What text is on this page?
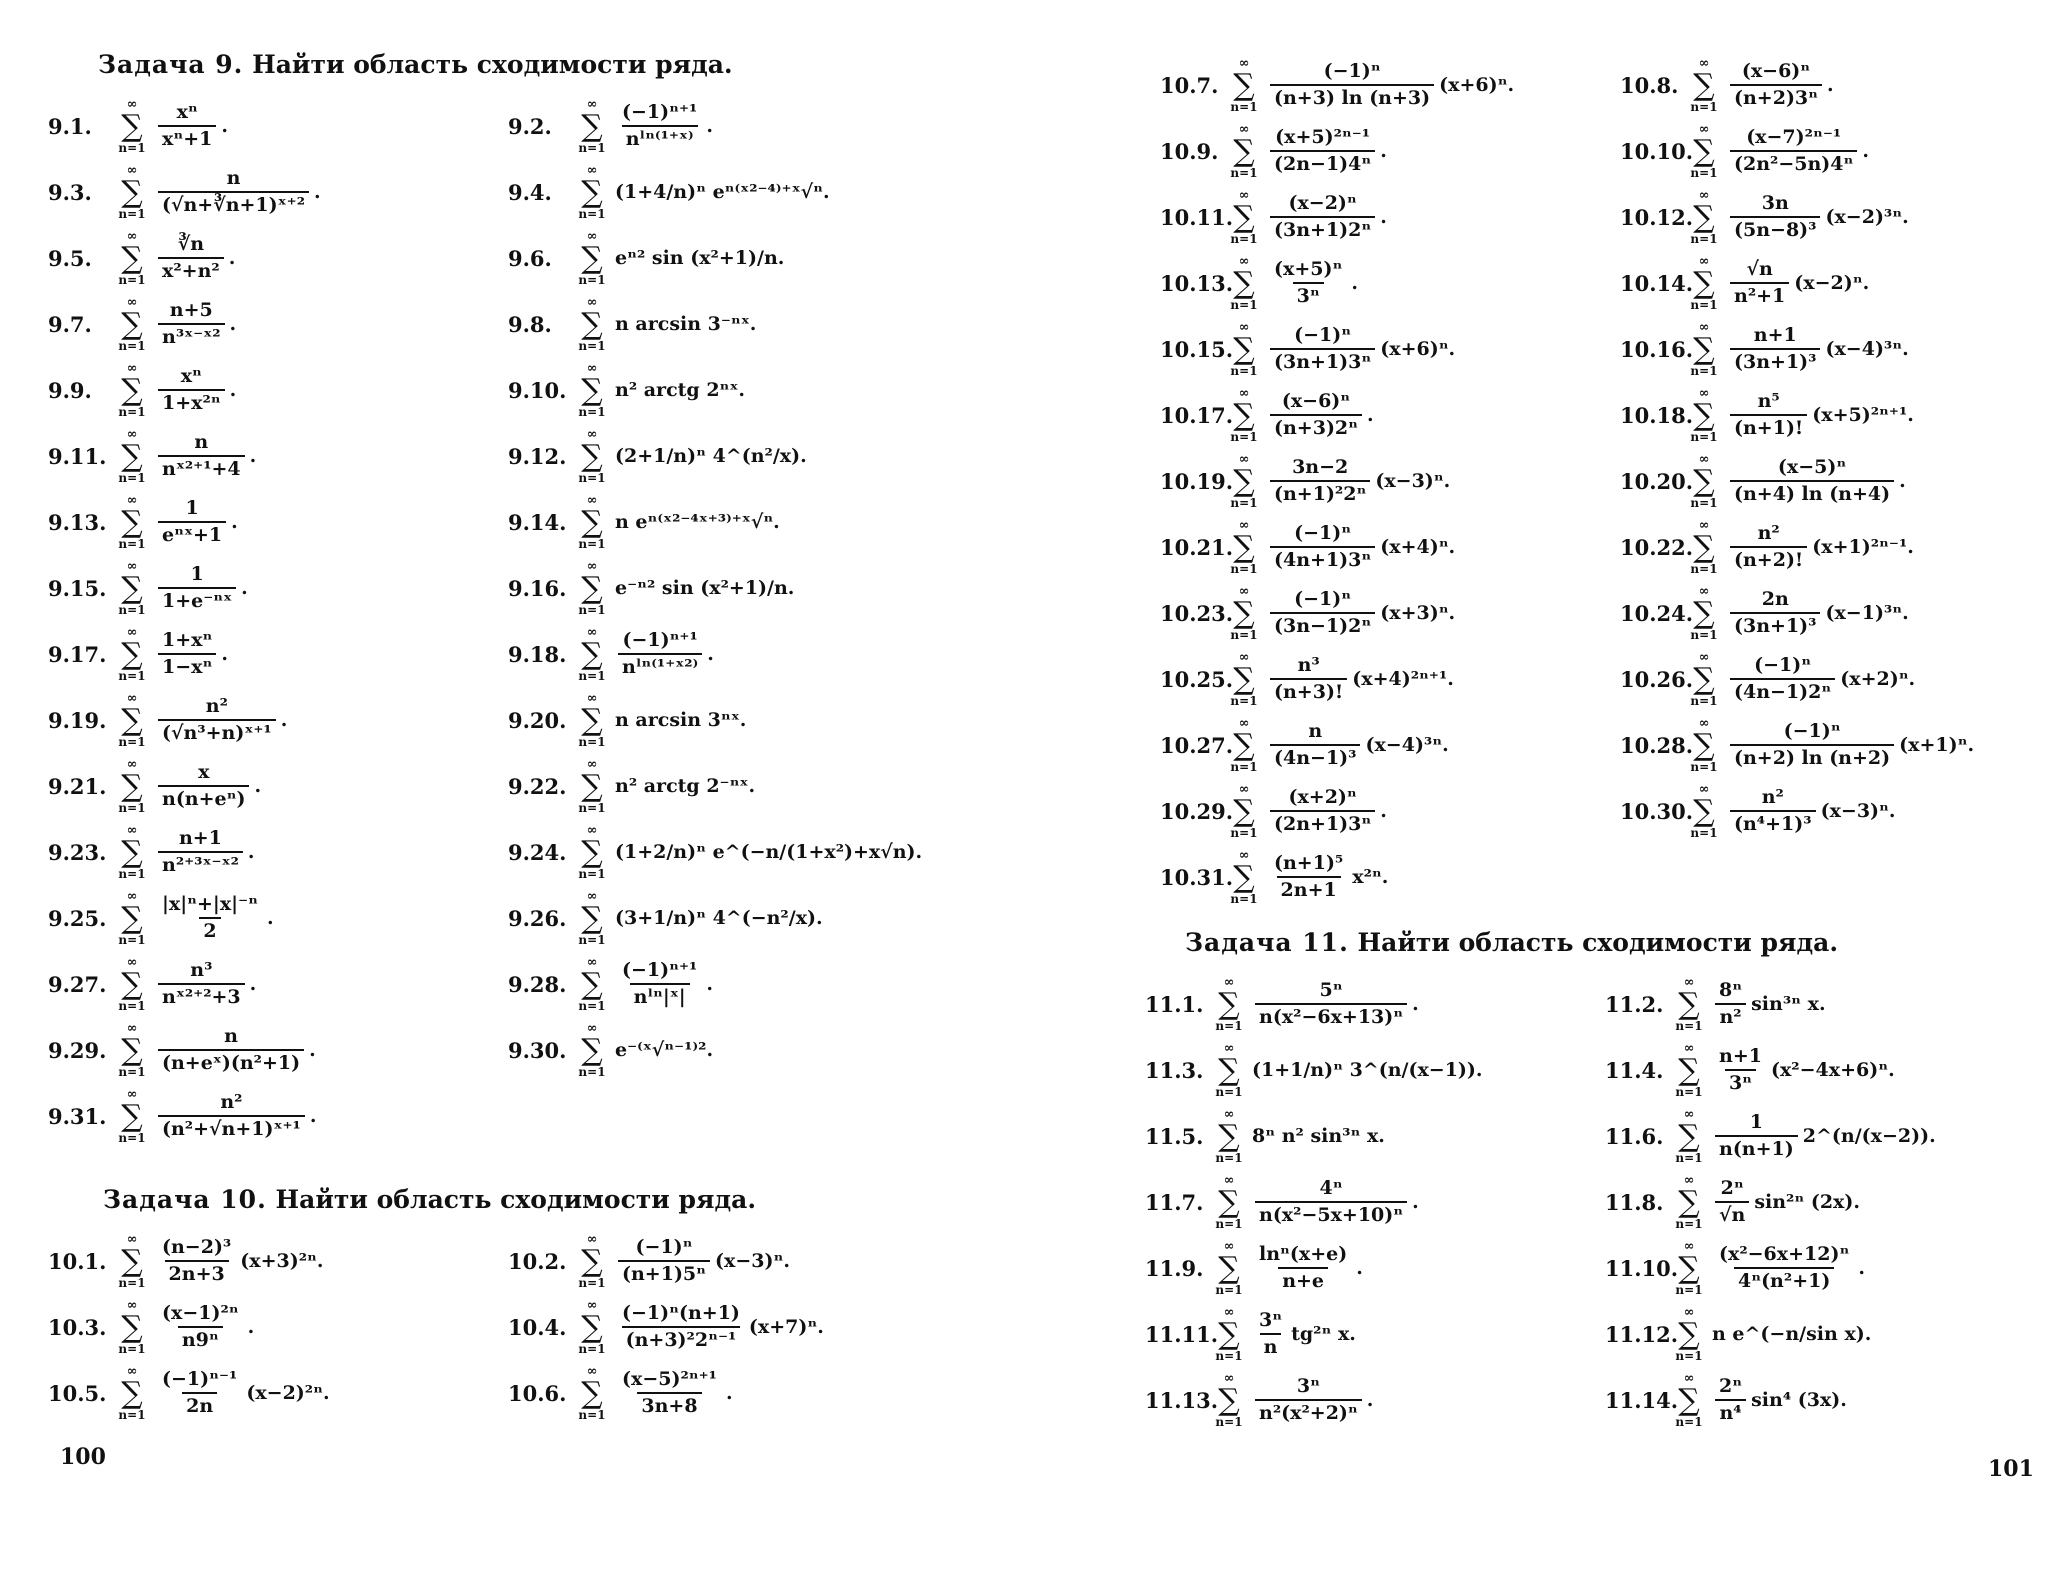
Задача 9. Найти область сходимости ряда.
9.1.
∞
∑
$n=1 \frac{\text{xⁿ}}{\text{xⁿ+1}}$ .
9.3.
∞
∑
$n=1 \frac{n}{\text{(√n+∛n+1)ˣ⁺²}}$ .
9.5.
∞
∑
$n=1 \frac{∛n}{\text{x²+n²}}$ .
9.7.
∞
∑
$n=1 \frac{n+5}{\text{n³ˣ⁻ˣ²}}$ .
9.9.
∞
∑
$n=1 \frac{\text{xⁿ}}{\text{1+x²ⁿ}}$ .
9.11.
∞
∑
$n=1 \frac{n}{\text{nˣ²⁺¹+4}}$ .
9.13.
∞
∑
$n=1 \frac{1}{\text{eⁿˣ+1}}$ .
9.15.
∞
∑
$n=1 \frac{1}{\text{1+e⁻ⁿˣ}}$ .
9.17.
∞
∑
$n=1 \frac{\text{1+xⁿ}}{\text{1−xⁿ}}$ .
9.19.
∞
∑
$n=1 \frac{\text{n²}}{\text{(√n³+n)ˣ⁺¹}}$ .
9.21.
∞
∑
$n=1 \frac{x}{\text{n(n+eⁿ)}}$ .
9.23.
∞
∑
$n=1 \frac{n+1}{\text{n²⁺³ˣ⁻ˣ²}}$ .
9.25.
∞
∑
$n=1 \frac{\text{|x|ⁿ+|x|⁻ⁿ}}{2}$ .
9.27.
∞
∑
$n=1 \frac{\text{n³}}{\text{nˣ²⁺²+3}}$ .
9.29.
∞
∑
$n=1 \frac{n}{\text{(n+eˣ)(n²+1)}}$ .
9.31.
∞
∑
$n=1 \frac{\text{n²}}{\text{(n²+√n+1)ˣ⁺¹}}$ .
9.2.
∞
∑
$n=1 \frac{\text{(−1)ⁿ⁺¹}}{\text{nˡⁿ⁽¹⁺ˣ⁾}}$ .
9.4.
∞
∑
n=1
(1+4/n)ⁿ eⁿ⁽ˣ²⁻⁴⁾⁺ˣ√ⁿ.
9.6.
∞
∑
n=1
eⁿ² sin (x²+1)/n.
9.8.
∞
∑
n=1
n arcsin 3⁻ⁿˣ.
9.10.
∞
∑
n=1
n² arctg 2ⁿˣ.
9.12.
∞
∑
n=1
(2+1/n)ⁿ 4^(n²/x).
9.14.
∞
∑
n=1
n eⁿ⁽ˣ²⁻⁴ˣ⁺³⁾⁺ˣ√ⁿ.
9.16.
∞
∑
n=1
e⁻ⁿ² sin (x²+1)/n.
9.18.
∞
∑
$n=1 \frac{\text{(−1)ⁿ⁺¹}}{\text{nˡⁿ⁽¹⁺ˣ²⁾}}$ .
9.20.
∞
∑
n=1
n arcsin 3ⁿˣ.
9.22.
∞
∑
n=1
n² arctg 2⁻ⁿˣ.
9.24.
∞
∑
n=1
(1+2/n)ⁿ e^(−n/(1+x²)+x√n).
9.26.
∞
∑
n=1
(3+1/n)ⁿ 4^(−n²/x).
9.28.
∞
∑
$n=1 \frac{\text{(−1)ⁿ⁺¹}}{\text{nˡⁿ|ˣ|}}$ .
9.30.
∞
∑
n=1
e⁻⁽ˣ√ⁿ⁻¹⁾².
Задача 10. Найти область сходимости ряда.
10.1.
∞
∑
$n=1 \frac{\text{(n−2)³}}{2n+3} (x+3)^{2n}$.
10.3.
∞
∑
$n=1 \frac{\text{(x−1)²ⁿ}}{\text{n9ⁿ}}$ .
10.5.
∞
∑
$n=1 \frac{\text{(−1)ⁿ⁻¹}}{2n} (x-2)^{2n}$.
10.2.
∞
∑
$n=1 \frac{\text{(−1)ⁿ}}{\text{(n+1)5ⁿ}} (x-3)^n$.
10.4.
∞
∑
$n=1 \frac{\text{(−1)ⁿ(n+1)}}{\text{(n+3)²2ⁿ⁻¹}} (x+7)^n$.
10.6.
∞
∑
$n=1 \frac{\text{(x−5)²ⁿ⁺¹}}{3n+8}$ .
100
10.7.
∞
∑
$n=1 \frac{\text{(−1)ⁿ}}{(n+3) \ln (n+3)} (x+6)^n$.
10.9.
∞
∑
$n=1 \frac{\text{(x+5)²ⁿ⁻¹}}{\text{(2n−1)4ⁿ}}$ .
10.11.
∞
∑
$n=1 \frac{\text{(x−2)ⁿ}}{\text{(3n+1)2ⁿ}}$ .
10.13.
∞
∑
$n=1 \frac{\text{(x+5)ⁿ}}{\text{3ⁿ}}$ .
10.15.
∞
∑
$n=1 \frac{\text{(−1)ⁿ}}{\text{(3n+1)3ⁿ}} (x+6)^n$.
10.17.
∞
∑
$n=1 \frac{\text{(x−6)ⁿ}}{\text{(n+3)2ⁿ}}$ .
10.19.
∞
∑
$n=1 \frac{3n-2}{\text{(n+1)²2ⁿ}} (x-3)^n$.
10.21.
∞
∑
$n=1 \frac{\text{(−1)ⁿ}}{\text{(4n+1)3ⁿ}} (x+4)^n$.
10.23.
∞
∑
$n=1 \frac{\text{(−1)ⁿ}}{\text{(3n−1)2ⁿ}} (x+3)^n$.
10.25.
∞
∑
$n=1 \frac{\text{n³}}{(n+3)!} (x+4)^{2n+1}$.
10.27.
∞
∑
$n=1 \frac{n}{\text{(4n−1)³}} (x-4)^{3n}$.
10.29.
∞
∑
$n=1 \frac{\text{(x+2)ⁿ}}{\text{(2n+1)3ⁿ}}$ .
10.31.
∞
∑
$n=1 \frac{\text{(n+1)⁵}}{2n+1} x^{2n}$.
10.8.
∞
∑
$n=1 \frac{\text{(x−6)ⁿ}}{\text{(n+2)3ⁿ}}$ .
10.10.
∞
∑
$n=1 \frac{\text{(x−7)²ⁿ⁻¹}}{\text{(2n²−5n)4ⁿ}}$ .
10.12.
∞
∑
$n=1 \frac{3n}{\text{(5n−8)³}} (x-2)^{3n}$.
10.14.
∞
∑
$n=1 \frac{√n}{\text{n²+1}} (x-2)^n$.
10.16.
∞
∑
$n=1 \frac{n+1}{\text{(3n+1)³}} (x-4)^{3n}$.
10.18.
∞
∑
$n=1 \frac{\text{n⁵}}{(n+1)!} (x+5)^{2n+1}$.
10.20.
∞
∑
$n=1 \frac{\text{(x−5)ⁿ}}{(n+4) \ln (n+4)}$ .
10.22.
∞
∑
$n=1 \frac{\text{n²}}{(n+2)!} (x+1)^{2n-1}$.
10.24.
∞
∑
$n=1 \frac{2n}{\text{(3n+1)³}} (x-1)^{3n}$.
10.26.
∞
∑
$n=1 \frac{\text{(−1)ⁿ}}{\text{(4n−1)2ⁿ}} (x+2)^n$.
10.28.
∞
∑
$n=1 \frac{\text{(−1)ⁿ}}{(n+2) \ln (n+2)} (x+1)^n$.
10.30.
∞
∑
$n=1 \frac{\text{n²}}{\text{(n⁴+1)³}} (x-3)^n$.
Задача 11. Найти область сходимости ряда.
11.1.
∞
∑
$n=1 \frac{\text{5ⁿ}}{\text{n(x²−6x+13)ⁿ}}$ .
11.3.
∞
∑
n=1
(1+1/n)ⁿ 3^(n/(x−1)).
11.5.
∞
∑
n=1
8ⁿ n² sin³ⁿ x.
11.7.
∞
∑
$n=1 \frac{\text{4ⁿ}}{\text{n(x²−5x+10)ⁿ}}$ .
11.9.
∞
∑
$n=1 \frac{\text{lnⁿ(x+e)}}{n+e}$ .
11.11.
∞
∑
$n=1 \frac{\text{3ⁿ}}{n} tg^{2n}$ x.
11.13.
∞
∑
$n=1 \frac{\text{3ⁿ}}{\text{n²(x²+2)ⁿ}}$ .
11.2.
∞
∑
$n=1 \frac{\text{8ⁿ}}{\text{n²}} \sin^{3n}$ x.
11.4.
∞
∑
$n=1 \frac{n+1}{\text{3ⁿ}} (x^2-4x+6)^n$.
11.6.
∞
∑
$n=1 \frac{1}{n(n+1)}$ 2^(n/(x−2)).
11.8.
∞
∑
$n=1 \frac{\text{2ⁿ}}{√n} \sin^{2n}$ (2x).
11.10.
∞
∑
$n=1 \frac{\text{(x²−6x+12)ⁿ}}{\text{4ⁿ(n²+1)}}$ .
11.12.
∞
∑
n=1
n e^(−n/sin x).
11.14.
∞
∑
$n=1 \frac{\text{2ⁿ}}{\text{n⁴}} \sin^4$ (3x).
101
